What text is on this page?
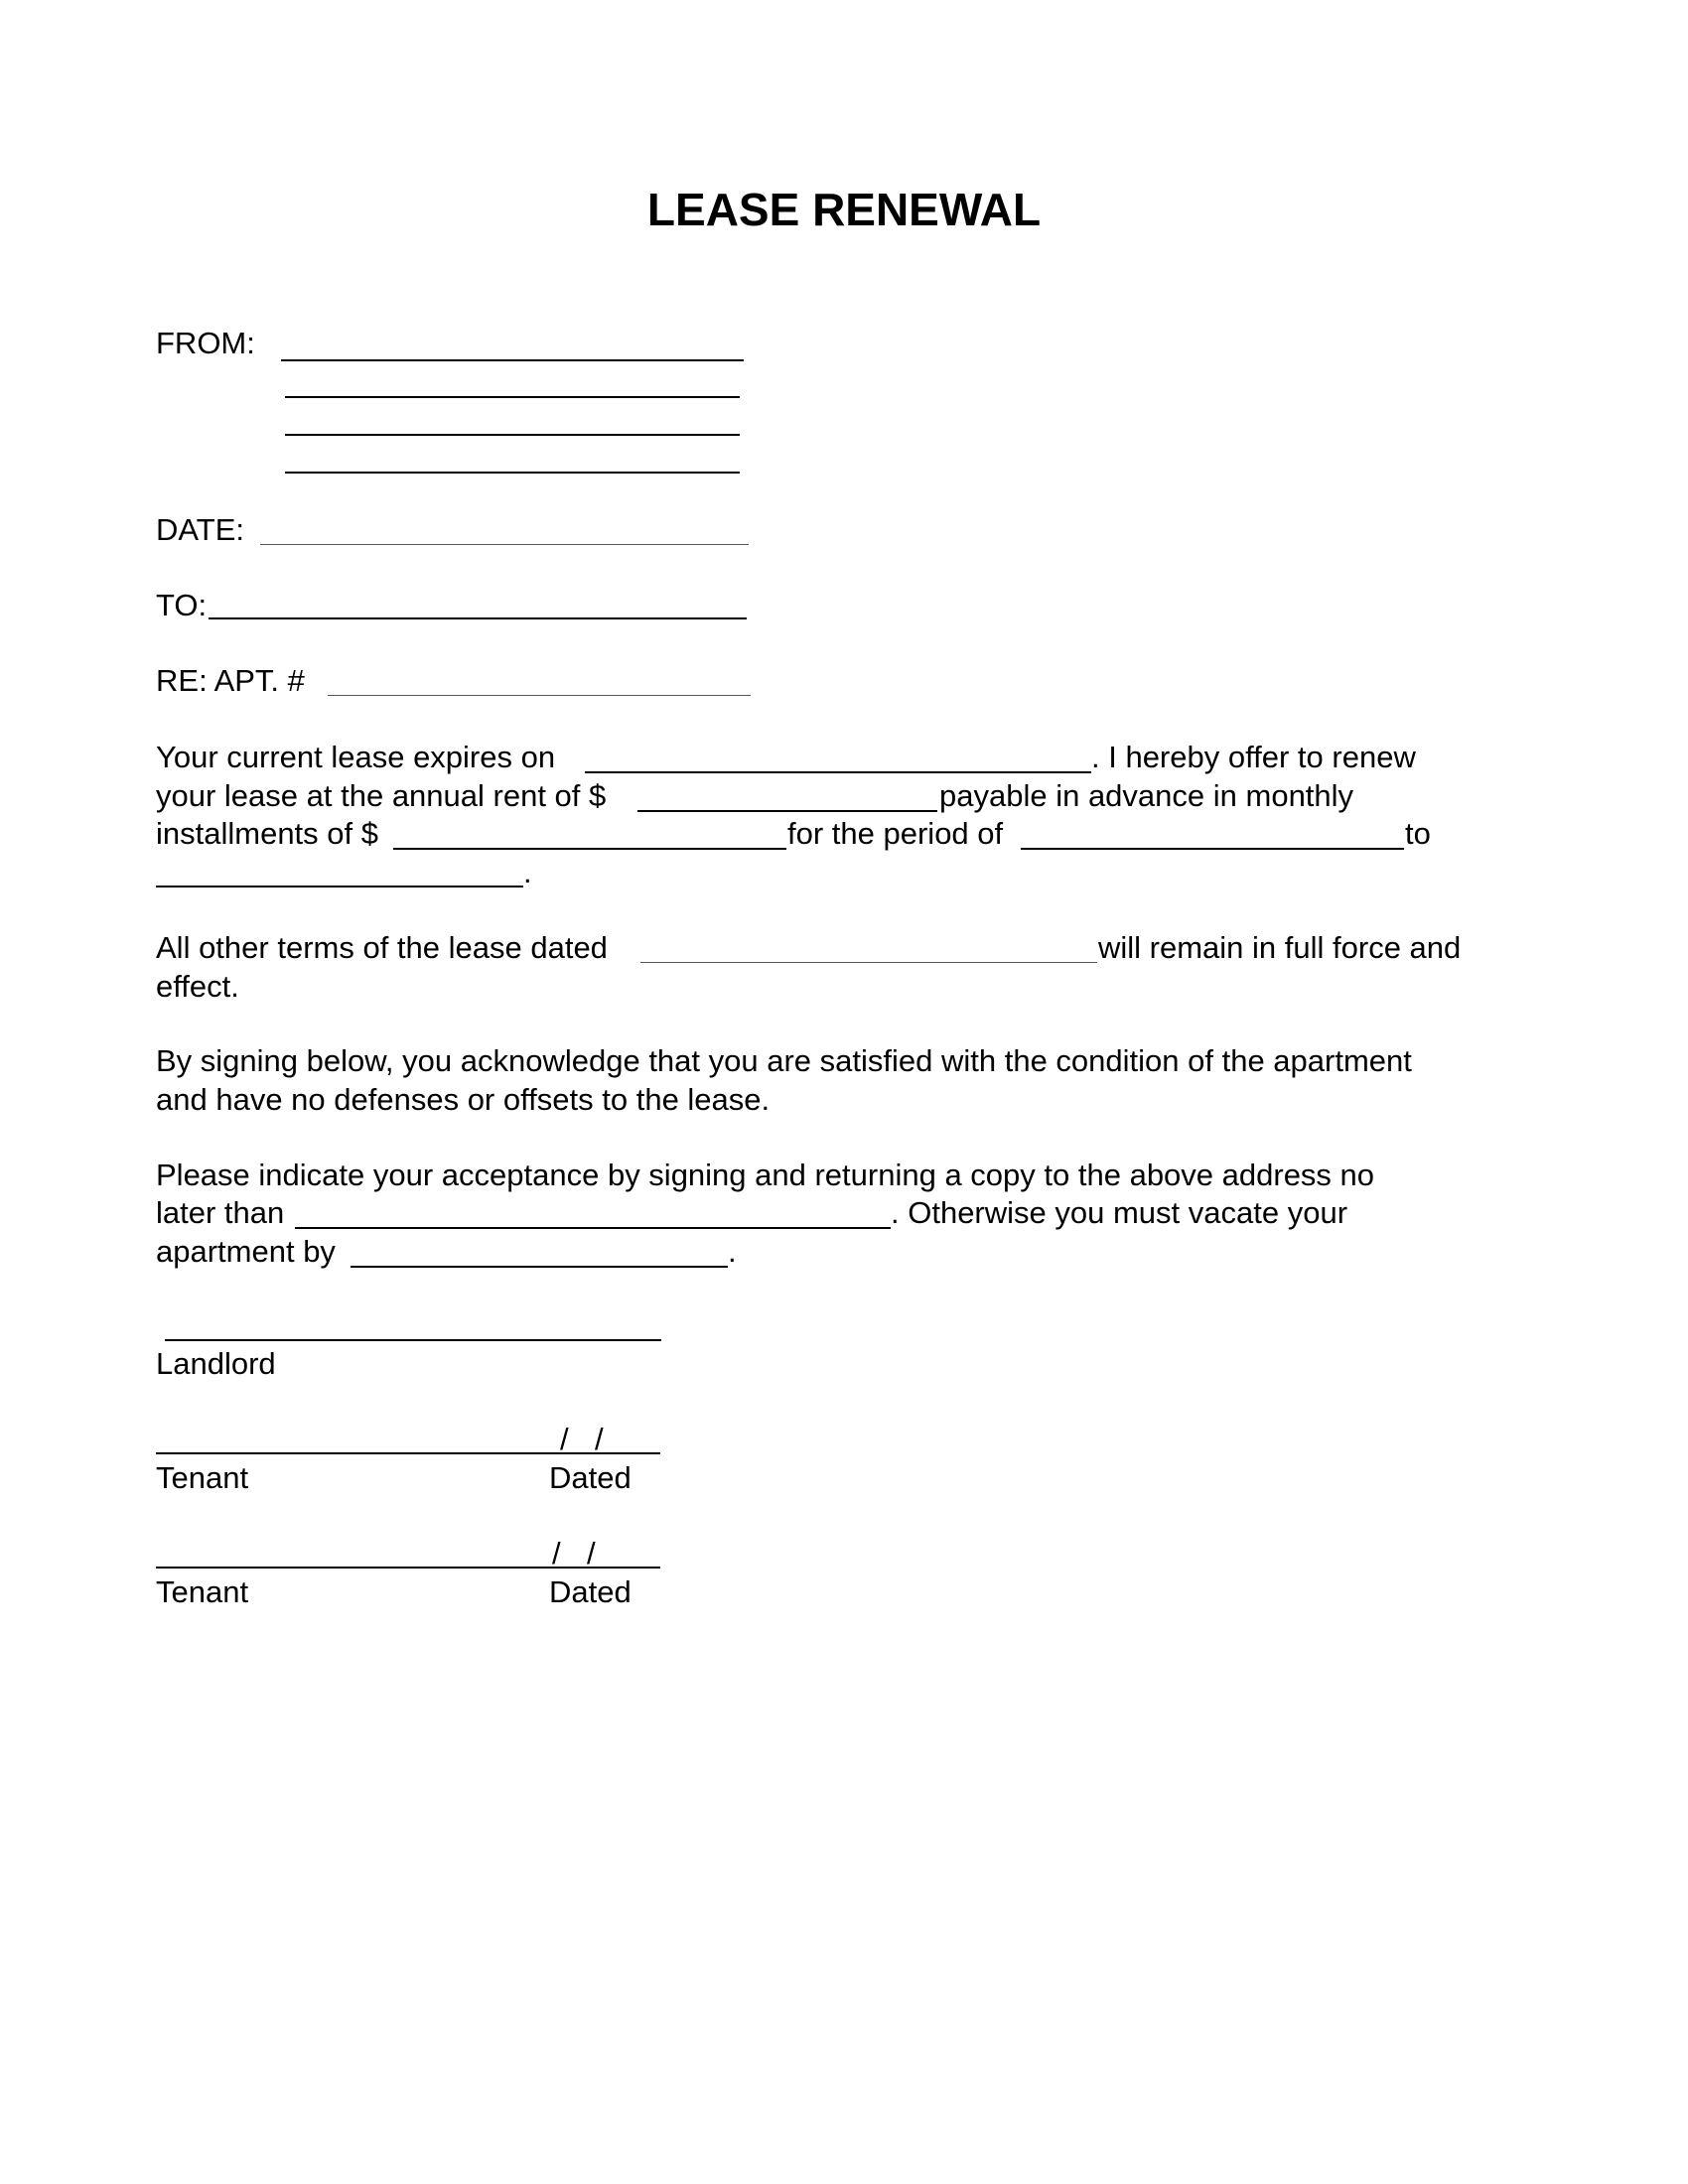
LEASE RENEWAL
FROM:
DATE:
TO:
RE: APT. #
Your current lease expires on	. I hereby offer to renew
your lease at the annual rent of $	payable in advance in monthly
installments of $	for the period of	to
.
All other terms of the lease dated	will remain in full force and
effect.
By signing below, you acknowledge that you are satisfied with the condition of the apartment
and have no defenses or offsets to the lease.
Please indicate your acceptance by signing and returning a copy to the above address no
later than	. Otherwise you must vacate your
apartment by	.
Landlord
/ /
Tenant	Dated
/ /
Tenant	Dated
